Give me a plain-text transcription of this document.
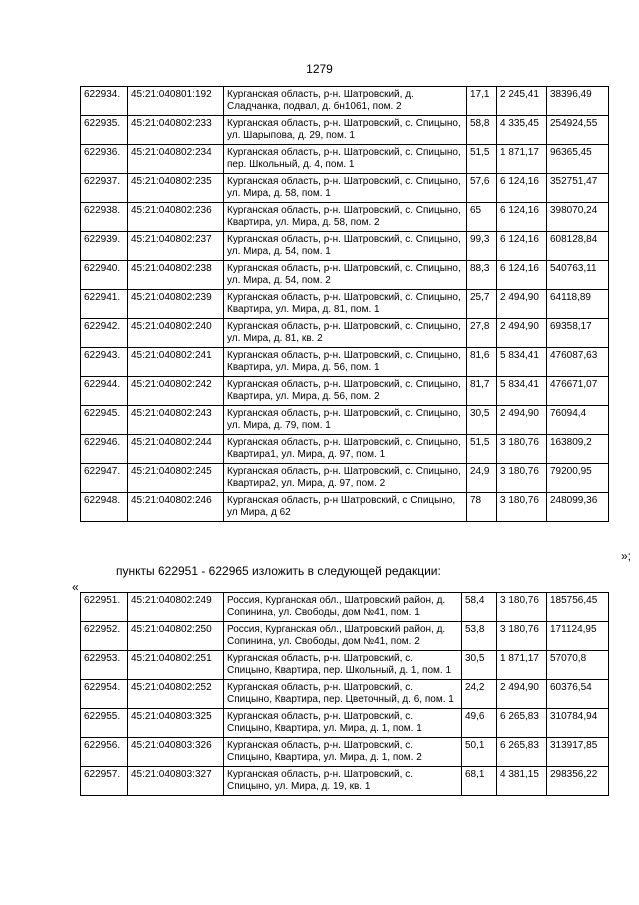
1279
622934.	45:21:040801:192	Курганская область, р-н. Шатровский, д. Сладчанка, подвал, д. бн1061, пом. 2	17,1	2 245,41	38396,49
622935.	45:21:040802:233	Курганская область, р-н. Шатровский, с. Спицыно, ул. Шарыпова, д. 29, пом. 1	58,8	4 335,45	254924,55
622936.	45:21:040802:234	Курганская область, р-н. Шатровский, с. Спицыно, пер. Школьный, д. 4, пом. 1	51,5	1 871,17	96365,45
622937.	45:21:040802:235	Курганская область, р-н. Шатровский, с. Спицыно, ул. Мира, д. 58, пом. 1	57,6	6 124,16	352751,47
622938.	45:21:040802:236	Курганская область, р-н. Шатровский, с. Спицыно, Квартира, ул. Мира, д. 58, пом. 2	65	6 124,16	398070,24
622939.	45:21:040802:237	Курганская область, р-н. Шатровский, с. Спицыно, ул. Мира, д. 54, пом. 1	99,3	6 124,16	608128,84
622940.	45:21:040802:238	Курганская область, р-н. Шатровский, с. Спицыно, ул. Мира, д. 54, пом. 2	88,3	6 124,16	540763,11
622941.	45:21:040802:239	Курганская область, р-н. Шатровский, с. Спицыно, Квартира, ул. Мира, д. 81, пом. 1	25,7	2 494,90	64118,89
622942.	45:21:040802:240	Курганская область, р-н. Шатровский, с. Спицыно, ул. Мира, д. 81, кв. 2	27,8	2 494,90	69358,17
622943.	45:21:040802:241	Курганская область, р-н. Шатровский, с. Спицыно, Квартира, ул. Мира, д. 56, пом. 1	81,6	5 834,41	476087,63
622944.	45:21:040802:242	Курганская область, р-н. Шатровский, с. Спицыно, Квартира, ул. Мира, д. 56, пом. 2	81,7	5 834,41	476671,07
622945.	45:21:040802:243	Курганская область, р-н. Шатровский, с. Спицыно, ул. Мира, д. 79, пом. 1	30,5	2 494,90	76094,4
622946.	45:21:040802:244	Курганская область, р-н. Шатровский, с. Спицыно, Квартира1, ул. Мира, д. 97, пом. 1	51,5	3 180,76	163809,2
622947.	45:21:040802:245	Курганская область, р-н. Шатровский, с. Спицыно, Квартира2, ул. Мира, д. 97, пом. 2	24,9	3 180,76	79200,95
622948.	45:21:040802:246	Курганская область, р-н Шатровский, с Спицыно, ул Мира, д 62	78	3 180,76	248099,36
»;
пункты 622951 - 622965 изложить в следующей редакции:
«
622951.	45:21:040802:249	Россия, Курганская обл., Шатровский район, д. Сопинина, ул. Свободы, дом №41, пом. 1	58,4	3 180,76	185756,45
622952.	45:21:040802:250	Россия, Курганская обл., Шатровский район, д. Сопинина, ул. Свободы, дом №41, пом. 2	53,8	3 180,76	171124,95
622953.	45:21:040802:251	Курганская область, р-н. Шатровский, с. Спицыно, Квартира, пер. Школьный, д. 1, пом. 1	30,5	1 871,17	57070,8
622954.	45:21:040802:252	Курганская область, р-н. Шатровский, с. Спицыно, Квартира, пер. Цветочный, д. 6, пом. 1	24,2	2 494,90	60376,54
622955.	45:21:040803:325	Курганская область, р-н. Шатровский, с. Спицыно, Квартира, ул. Мира, д. 1, пом. 1	49,6	6 265,83	310784,94
622956.	45:21:040803:326	Курганская область, р-н. Шатровский, с. Спицыно, Квартира, ул. Мира, д. 1, пом. 2	50,1	6 265,83	313917,85
622957.	45:21:040803:327	Курганская область, р-н. Шатровский, с. Спицыно, ул. Мира, д. 19, кв. 1	68,1	4 381,15	298356,22
